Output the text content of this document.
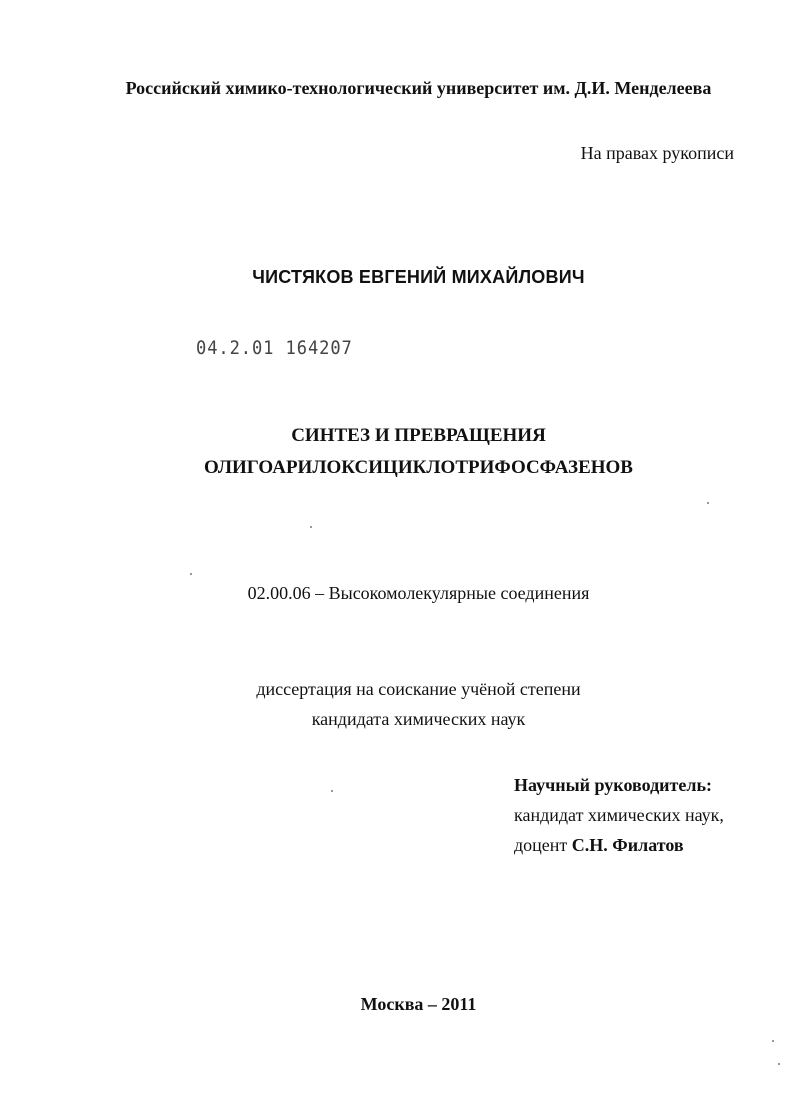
Российский химико-технологический университет им. Д.И. Менделеева
На правах рукописи
ЧИСТЯКОВ ЕВГЕНИЙ МИХАЙЛОВИЧ
04.2.01 164207
СИНТЕЗ И ПРЕВРАЩЕНИЯ
ОЛИГОАРИЛОКСИЦИКЛОТРИФОСФАЗЕНОВ
02.00.06 – Высокомолекулярные соединения
диссертация на соискание учёной степени
кандидата химических наук
Научный руководитель:
кандидат химических наук,
доцент С.Н. Филатов
Москва – 2011
